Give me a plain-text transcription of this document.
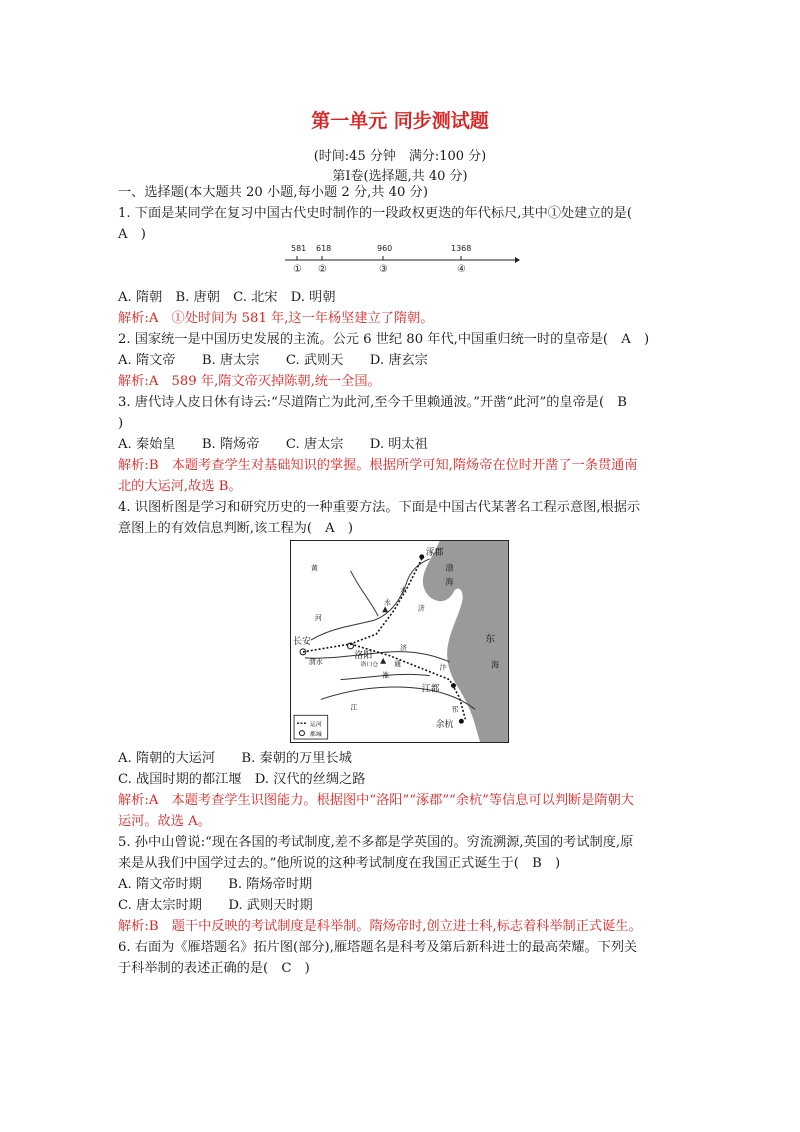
第一单元 同步测试题
(时间:45 分钟　满分:100 分)
第Ⅰ卷(选择题,共 40 分)
一、选择题(本大题共 20 小题,每小题 2 分,共 40 分)
1. 下面是某同学在复习中国古代史时制作的一段政权更迭的年代标尺,其中①处建立的是(
A　)
581 618	960	1368
① ②	③	④
A. 隋朝　B. 唐朝　C. 北宋　D. 明朝
解析:A　①处时间为 581 年,这一年杨坚建立了隋朝。
2. 国家统一是中国历史发展的主流。公元 6 世纪 80 年代,中国重归统一时的皇帝是(　A　)
A. 隋文帝　　B. 唐太宗　　C. 武则天　　D. 唐玄宗
解析:A　589 年,隋文帝灭掉陈朝,统一全国。
3. 唐代诗人皮日休有诗云:“尽道隋亡为此河,至今千里赖通波。”开凿“此河”的皇帝是(　B
)
A. 秦始皇　　B. 隋炀帝　　C. 唐太宗　　D. 明太祖
解析:B　本题考查学生对基础知识的掌握。根据所学可知,隋炀帝在位时开凿了一条贯通南
北的大运河,故选 B。
4. 识图析图是学习和研究历史的一种重要方法。下面是中国古代某著名工程示意图,根据示
意图上的有效信息判断,该工程为(　A　)
涿郡
渤
海
东
海
长安
洛阳
江都
余杭
黄
河
水
济
济
渭水	洛口仓
淮
汴
江
永
通
邗
运河
都城
A. 隋朝的大运河　　B. 秦朝的万里长城
C. 战国时期的都江堰　D. 汉代的丝绸之路
解析:A　本题考查学生识图能力。根据图中“洛阳”“涿郡”“余杭”等信息可以判断是隋朝大
运河。故选 A。
5. 孙中山曾说:“现在各国的考试制度,差不多都是学英国的。穷流溯源,英国的考试制度,原
来是从我们中国学过去的。”他所说的这种考试制度在我国正式诞生于(　B　)
A. 隋文帝时期　　B. 隋炀帝时期
C. 唐太宗时期　　D. 武则天时期
解析:B　题干中反映的考试制度是科举制。隋炀帝时,创立进士科,标志着科举制正式诞生。
6. 右面为《雁塔题名》拓片图(部分),雁塔题名是科考及第后新科进士的最高荣耀。下列关
于科举制的表述正确的是(　C　)
